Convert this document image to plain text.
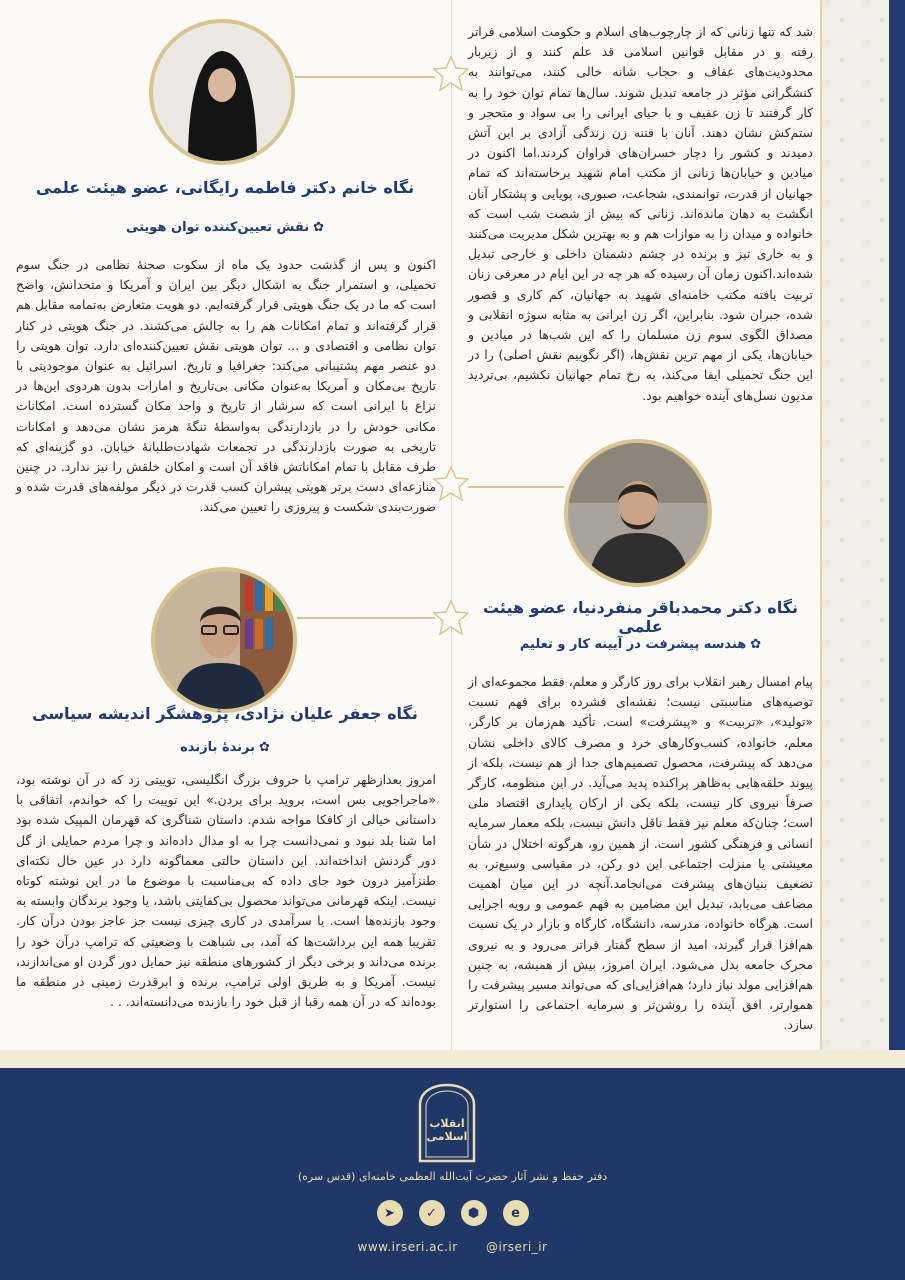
نگاه خانم دکتر فاطمه رایگانی، عضو هیئت علمی
✿نقش تعیین‌کننده توان هویتی
اکنون و پس از گذشت حدود یک ماه از سکوت صحنهٔ نظامی در جنگ سوم تحمیلی، و استمرار جنگ به اشکال دیگر بین ایران و آمریکا و متحدانش، واضح است که ما در یک جنگ هویتی قرار گرفته‌ایم. دو هویت متعارض به‌تمامه مقابل هم قرار گرفته‌اند و تمام امکانات هم را به چالش می‌کشند. در جنگ هویتی در کنار توان نظامی و اقتصادی و ... توان هویتی نقش تعیین‌کننده‌ای دارد. توان هویتی را دو عنصر مهم پشتیبانی می‌کند: جغرافیا و تاریخ. اسرائیل به عنوان موجودیتی با تاریخ بی‌مکان و آمریکا به‌عنوان مکانی بی‌تاریخ و امارات بدون هردوی این‌ها در نزاع با ایرانی است که سرشار از تاریخ و واجد مکان گسترده است. امکانات مکانی خودش را در بازدارندگی به‌واسطهٔ تنگهٔ هرمز نشان می‌دهد و امکانات تاریخی به صورت بازدارندگی در تجمعات شهادت‌طلبانهٔ خیابان. دو گزینه‌ای که طرف مقابل با تمام امکاناتش فاقد آن است و امکان خلقش را نیز ندارد. در چنین منازعه‌ای دست برتر هویتی پیشران کسب قدرت در دیگر مولفه‌های قدرت شده و صورت‌بندی شکست و پیروزی را تعیین می‌کند.
شد که تنها زنانی که از چارچوب‌های اسلام و حکومت اسلامی فراتر رفته و در مقابل قوانین اسلامی قد علم کنند و از زیربار محدودیت‌های عفاف و حجاب شانه خالی کنند، می‌توانند به کنشگرانی مؤثر در جامعه تبدیل شوند. سال‌ها تمام توان خود را به کار گرفتند تا زن عفیف و با حیای ایرانی را بی سواد و متحجر و ستم‌کش نشان دهند. آنان با فتنه زن زندگی آزادی بر این آتش دمیدند و کشور را دچار خسران‌های فراوان کردند.اما اکنون در میادین و خیابان‌ها زنانی از مکتب امام شهید برخاسته‌اند که تمام جهانیان از قدرت، توانمندی، شجاعت، صبوری، پویایی و پشتکار آنان انگشت به دهان مانده‌اند. زنانی که بیش از شصت شب است که خانواده و میدان را به موازات هم و به بهترین شکل مدیریت می‌کنند و به خاری تیز و برنده در چشم دشمنان داخلی و خارجی تبدیل شده‌اند.اکنون زمان آن رسیده که هر چه در این ایام در معرفی زنان تربیت یافته مکتب خامنه‌ای شهید به جهانیان، کم کاری و قصور شده، جبران شود. بنابراین، اگر زن ایرانی به مثابه سوژه انقلابی و مصداق الگوی سوم زن مسلمان را که این شب‌ها در میادین و خیابان‌ها، یکی از مهم ترین نقش‌ها، (اگر نگوییم نقش اصلی) را در این جنگ تحمیلی ایفا می‌کند، به رخ تمام جهانیان نکشیم، بی‌تردید مدیون نسل‌های آینده خواهیم بود.
نگاه دکتر محمدباقر منفردنیا، عضو هیئت علمی
✿هندسه پیشرفت در آیینه کار و تعلیم
پیام امسال رهبر انقلاب برای روز کارگر و معلم، فقط مجموعه‌ای از توصیه‌های مناسبتی نیست؛ نقشه‌ای فشرده برای فهم نسبت «تولید»، «تربیت» و «پیشرفت» است. تأکید هم‌زمان بر کارگر، معلم، خانواده، کسب‌وکارهای خرد و مصرف کالای داخلی نشان می‌دهد که پیشرفت، محصول تصمیم‌های جدا از هم نیست، بلکه از پیوند حلقه‌هایی به‌ظاهر پراکنده پدید می‌آید. در این منظومه، کارگر صرفاً نیروی کار نیست، بلکه یکی از ارکان پایداری اقتصاد ملی است؛ چنان‌که معلم نیز فقط ناقل دانش نیست، بلکه معمار سرمایه انسانی و فرهنگی کشور است. از همین رو، هرگونه اختلال در شأن معیشتی یا منزلت اجتماعی این دو رکن، در مقیاسی وسیع‌تر، به تضعیف بنیان‌های پیشرفت می‌انجامد.آنچه در این میان اهمیت مضاعف می‌یابد، تبدیل این مضامین به فهم عمومی و رویه اجرایی است. هرگاه خانواده، مدرسه، دانشگاه، کارگاه و بازار در یک نسبت هم‌افزا قرار گیرند، امید از سطح گفتار فراتر می‌رود و به نیروی محرک جامعه بدل می‌شود. ایران امروز، بیش از همیشه، به چنین هم‌افزایی مولد نیاز دارد؛ هم‌افزایی‌ای که می‌تواند مسیر پیشرفت را هموارتر، افق آینده را روشن‌تر و سرمایه اجتماعی را استوارتر سازد.
نگاه جعفر علیان نژادی، پژوهشگر اندیشه سیاسی
✿برندهٔ بازنده
امروز بعدازظهر ترامپ با حروف بزرگ انگلیسی، توییتی زد که در آن نوشته بود، «ماجراجویی بس است، بروید برای بردن.» این توییت را که خواندم، اتفاقی با داستانی خیالی از کافکا مواجه شدم. داستان شناگری که قهرمان المپیک شده بود اما شنا بلد نبود و نمی‌دانست چرا به او مدال داده‌اند و چرا مردم حمایلی از گل دور گردنش انداخته‌اند. این داستان حالتی معماگونه دارد در عین حال نکته‌ای طنزآمیز درون خود جای داده که بی‌مناسبت با موضوع ما در این نوشته کوتاه نیست. اینکه قهرمانی می‌تواند محصول بی‌کفایتی باشد، یا وجود برندگان وابسته به وجود بازنده‌ها است. یا سرآمدی در کاری چیزی نیست جز عاجز بودن درآن کار. تقریبا همه این برداشت‌ها که آمد، بی شباهت با وضعیتی که ترامپ درآن خود را برنده می‌داند و برخی دیگر از کشورهای منطقه نیز حمایل دور گردن او می‌اندازند، نیست. آمریکا و به طریق اولی ترامپ، برنده و ابرقدرت زمینی در منطقه ما بوده‌اند که در آن همه رقبا از قبل خود را بازنده می‌دانسته‌اند. . .
انقلاب اسلامی
دفتر حفظ و نشر آثار حضرت آیت‌الله العظمی خامنه‌ای (قدس سره)
➤	✓	⬢	e
www.irseri.ac.ir @irseri_ir
